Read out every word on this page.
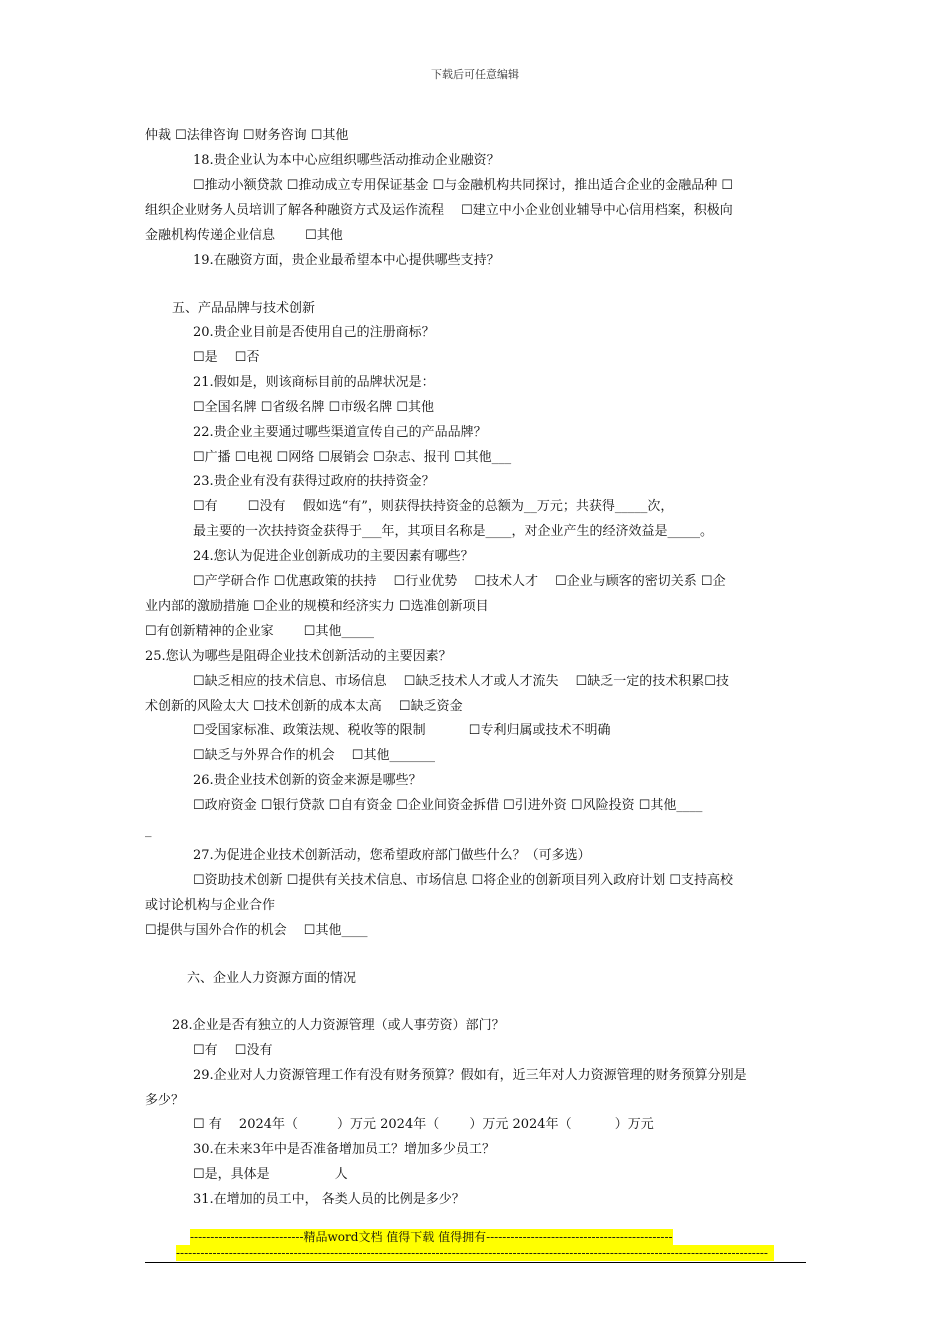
下载后可任意编辑
仲裁 ☐法律咨询 ☐财务咨询 ☐其他
18.贵企业认为本中心应组织哪些活动推动企业融资？
☐推动小额贷款 ☐推动成立专用保证基金 ☐与金融机构共同探讨，推出适合企业的金融品种 ☐
组织企业财务人员培训了解各种融资方式及运作流程　 ☐建立中小企业创业辅导中心信用档案，积极向
金融机构传递企业信息　　 ☐其他
19.在融资方面，贵企业最希望本中心提供哪些支持？
五、产品品牌与技术创新
20.贵企业目前是否使用自己的注册商标？
☐是　 ☐否
21.假如是，则该商标目前的品牌状况是：
☐全国名牌 ☐省级名牌 ☐市级名牌 ☐其他
22.贵企业主要通过哪些渠道宣传自己的产品品牌？
☐广播 ☐电视 ☐网络 ☐展销会 ☐杂志、报刊 ☐其他___
23.贵企业有没有获得过政府的扶持资金？
☐有　　 ☐没有　 假如选“有”，则获得扶持资金的总额为__万元；共获得_____次，
最主要的一次扶持资金获得于___年，其项目名称是____，对企业产生的经济效益是_____。
24.您认为促进企业创新成功的主要因素有哪些？
☐产学研合作 ☐优惠政策的扶持　 ☐行业优势　 ☐技术人才　 ☐企业与顾客的密切关系 ☐企
业内部的激励措施 ☐企业的规模和经济实力 ☐选准创新项目
☐有创新精神的企业家　　 ☐其他_____
25.您认为哪些是阻碍企业技术创新活动的主要因素？
☐缺乏相应的技术信息、市场信息　 ☐缺乏技术人才或人才流失　 ☐缺乏一定的技术积累☐技
术创新的风险太大 ☐技术创新的成本太高　 ☐缺乏资金
☐受国家标准、政策法规、税收等的限制　　　 ☐专利归属或技术不明确
☐缺乏与外界合作的机会　 ☐其他_______
26.贵企业技术创新的资金来源是哪些？
☐政府资金 ☐银行贷款 ☐自有资金 ☐企业间资金拆借 ☐引进外资 ☐风险投资 ☐其他____
_
27.为促进企业技术创新活动，您希望政府部门做些什么？（可多选）
☐资助技术创新 ☐提供有关技术信息、市场信息 ☐将企业的创新项目列入政府计划 ☐支持高校
或讨论机构与企业合作
☐提供与国外合作的机会　 ☐其他____
六、企业人力资源方面的情况
28.企业是否有独立的人力资源管理（或人事劳资）部门？
☐有　 ☐没有
29.企业对人力资源管理工作有没有财务预算？假如有，近三年对人力资源管理的财务预算分别是
多少？
☐ 有　 2024年（　　　）万元 2024年（　　 ）万元 2024年（　　　 ）万元
30.在未来3年中是否准备增加员工？增加多少员工？
☐是，具体是　　　　　人
31.在增加的员工中， 各类人员的比例是多少？
----------------------------精品word文档 值得下载 值得拥有----------------------------------------------
--------------------------------------------------------------------------------------------------------------------------------------------------
